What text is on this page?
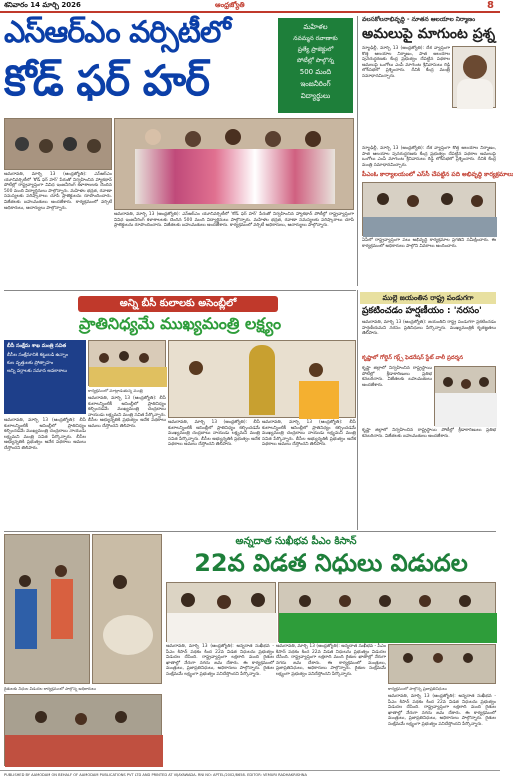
శనివారం 14 మార్చి 2026	ఆంధ్రజ్యోతి	8
ఎస్‌ఆర్‌ఎం వర్సిటీలో
కోడ్ ఫర్ హర్
మహిళల
నవమ్మన రవాణాకు
ప్రత్యే ప్రాజెక్టులో
పోటీల్లో పాల్గొన్న
500 మంది
ఇంజనీరింగ్
విద్యార్థులు

అమరావతి, మార్చి 13 (ఆంధ్రజ్యోతి): ఎస్‌ఆర్‌ఎం యూనివర్సిటీలో 'కోడ్ ఫర్ హర్' పేరుతో నిర్వహించిన హ్యాకథాన్ పోటీల్లో రాష్ట్రవ్యాప్తంగా వివిధ ఇంజనీరింగ్ కళాశాలలకు చెందిన 500 మంది విద్యార్థినులు పాల్గొన్నారు. మహిళల భద్రత, రవాణా సమస్యలకు పరిష్కారాలు చూపే ప్రాజెక్టులను రూపొందించారు. విజేతలకు బహుమతులు అందజేశారు. కార్యక్రమంలో వర్సిటీ అధికారులు, ఆచార్యులు పాల్గొన్నారు.

అమరావతి, మార్చి 13 (ఆంధ్రజ్యోతి): ఎస్‌ఆర్‌ఎం యూనివర్సిటీలో 'కోడ్ ఫర్ హర్' పేరుతో నిర్వహించిన హ్యాకథాన్ పోటీల్లో రాష్ట్రవ్యాప్తంగా వివిధ ఇంజనీరింగ్ కళాశాలలకు చెందిన 500 మంది విద్యార్థినులు పాల్గొన్నారు. మహిళల భద్రత, రవాణా సమస్యలకు పరిష్కారాలు చూపే ప్రాజెక్టులను రూపొందించారు. విజేతలకు బహుమతులు అందజేశారు. కార్యక్రమంలో వర్సిటీ అధికారులు, ఆచార్యులు పాల్గొన్నారు.

వలసకోలనాభివృద్ధి - నూతన ఆలయాల నిర్మాణం
అమలుపై మాగుంట ప్రశ్న

న్యూఢిల్లీ, మార్చి 13 (ఆంధ్రజ్యోతి): దేశ వ్యాప్తంగా కొత్త ఆలయాల నిర్మాణం, పాత ఆలయాల పునరుద్ధరణకు కేంద్ర ప్రభుత్వం చేపట్టిన పథకాల అమలుపై ఒంగోలు ఎంపీ మాగుంట శ్రీనివాసులు రెడ్డి లోక్‌సభలో ప్రశ్నించారు. దీనికి కేంద్ర మంత్రి సమాధానమిచ్చారు.

న్యూఢిల్లీ, మార్చి 13 (ఆంధ్రజ్యోతి): దేశ వ్యాప్తంగా కొత్త ఆలయాల నిర్మాణం, పాత ఆలయాల పునరుద్ధరణకు కేంద్ర ప్రభుత్వం చేపట్టిన పథకాల అమలుపై ఒంగోలు ఎంపీ మాగుంట శ్రీనివాసులు రెడ్డి లోక్‌సభలో ప్రశ్నించారు. దీనికి కేంద్ర మంత్రి సమాధానమిచ్చారు.

పీఎంఓ కార్యాలయంలో ఎస్‌సీ చేపట్టిన పది అభివృద్ధి కార్యక్రమాలు

ఏపీలో రాష్ట్రవ్యాప్తంగా పలు అభివృద్ధి కార్యక్రమాల ప్రగతిని సమీక్షించారు. ఈ కార్యక్రమంలో అధికారులు పాల్గొని వివరాలు అందించారు.

అన్ని బీసీ కులాలకు అసెంబ్లీలో
ప్రాతినిధ్యమే ముఖ్యమంత్రి లక్ష్యం
బీసీ సంక్షేమ శాఖ మంత్రి సవిత
బీసీల సంక్షేమానికి కట్టుబడి ఉన్నాం
కుల వృత్తులకు ప్రోత్సాహం
అన్ని వర్గాలకు సమాన అవకాశాలు
కార్యక్రమంలో మాట్లాడుతున్న మంత్రి

అమరావతి, మార్చి 13 (ఆంధ్రజ్యోతి): బీసీ కులాలన్నింటికీ అసెంబ్లీలో ప్రాతినిధ్యం కల్పించడమే ముఖ్యమంత్రి చంద్రబాబు నాయుడు లక్ష్యమని మంత్రి సవిత పేర్కొన్నారు. బీసీల అభ్యున్నతికి ప్రభుత్వం అనేక పథకాలు అమలు చేస్తోందని తెలిపారు.

అమరావతి, మార్చి 13 (ఆంధ్రజ్యోతి): బీసీ కులాలన్నింటికీ అసెంబ్లీలో ప్రాతినిధ్యం కల్పించడమే ముఖ్యమంత్రి చంద్రబాబు నాయుడు లక్ష్యమని మంత్రి సవిత పేర్కొన్నారు. బీసీల అభ్యున్నతికి ప్రభుత్వం అనేక పథకాలు అమలు చేస్తోందని తెలిపారు.

అమరావతి, మార్చి 13 (ఆంధ్రజ్యోతి): బీసీ కులాలన్నింటికీ అసెంబ్లీలో ప్రాతినిధ్యం కల్పించడమే ముఖ్యమంత్రి చంద్రబాబు నాయుడు లక్ష్యమని మంత్రి సవిత పేర్కొన్నారు. బీసీల అభ్యున్నతికి ప్రభుత్వం అనేక పథకాలు అమలు చేస్తోందని తెలిపారు.

అమరావతి, మార్చి 13 (ఆంధ్రజ్యోతి): బీసీ కులాలన్నింటికీ అసెంబ్లీలో ప్రాతినిధ్యం కల్పించడమే ముఖ్యమంత్రి చంద్రబాబు నాయుడు లక్ష్యమని మంత్రి సవిత పేర్కొన్నారు. బీసీల అభ్యున్నతికి ప్రభుత్వం అనేక పథకాలు అమలు చేస్తోందని తెలిపారు.

ముల్లె జయంతిన రాష్ట్ర పండుగగా
ప్రకటించడం హర్షణీయం : 'నరసం'

అమరావతి, మార్చి 13 (ఆంధ్రజ్యోతి): జయంతిని రాష్ట్ర పండుగగా ప్రకటించడం హర్షణీయమని నరసం ప్రతినిధులు పేర్కొన్నారు. ముఖ్యమంత్రికి కృతజ్ఞతలు తెలిపారు.

కృష్ణాలో గోల్డెన్ గర్ల్స్ ఫెడరేషన్ స్టేట్ వాలీ ప్రదర్శన

కృష్ణా జిల్లాలో నిర్వహించిన రాష్ట్రస్థాయి పోటీల్లో క్రీడాకారిణులు ప్రతిభ కనబరిచారు. విజేతలకు బహుమతులు అందజేశారు.

కృష్ణా జిల్లాలో నిర్వహించిన రాష్ట్రస్థాయి పోటీల్లో క్రీడాకారిణులు ప్రతిభ కనబరిచారు. విజేతలకు బహుమతులు అందజేశారు.

రైతులకు నిధుల విడుదల కార్యక్రమంలో పాల్గొన్న అధికారులు
అన్నదాత సుఖీభవ పీఎం కిసాన్
22వ విడత నిధులు విడుదల

అమరావతి, మార్చి 13 (ఆంధ్రజ్యోతి): అన్నదాత సుఖీభవ - పీఎం కిసాన్ పథకం కింద 22వ విడత నిధులను ప్రభుత్వం విడుదల చేసింది. రాష్ట్రవ్యాప్తంగా లక్షలాది మంది రైతుల ఖాతాల్లో నేరుగా నగదు జమ చేశారు. ఈ కార్యక్రమంలో మంత్రులు, ప్రజాప్రతినిధులు, అధికారులు పాల్గొన్నారు. రైతుల సంక్షేమమే లక్ష్యంగా ప్రభుత్వం పనిచేస్తోందని పేర్కొన్నారు.

అమరావతి, మార్చి 13 (ఆంధ్రజ్యోతి): అన్నదాత సుఖీభవ - పీఎం కిసాన్ పథకం కింద 22వ విడత నిధులను ప్రభుత్వం విడుదల చేసింది. రాష్ట్రవ్యాప్తంగా లక్షలాది మంది రైతుల ఖాతాల్లో నేరుగా నగదు జమ చేశారు. ఈ కార్యక్రమంలో మంత్రులు, ప్రజాప్రతినిధులు, అధికారులు పాల్గొన్నారు. రైతుల సంక్షేమమే లక్ష్యంగా ప్రభుత్వం పనిచేస్తోందని పేర్కొన్నారు.

కార్యక్రమంలో పాల్గొన్న ప్రజాప్రతినిధులు

అమరావతి, మార్చి 13 (ఆంధ్రజ్యోతి): అన్నదాత సుఖీభవ - పీఎం కిసాన్ పథకం కింద 22వ విడత నిధులను ప్రభుత్వం విడుదల చేసింది. రాష్ట్రవ్యాప్తంగా లక్షలాది మంది రైతుల ఖాతాల్లో నేరుగా నగదు జమ చేశారు. ఈ కార్యక్రమంలో మంత్రులు, ప్రజాప్రతినిధులు, అధికారులు పాల్గొన్నారు. రైతుల సంక్షేమమే లక్ష్యంగా ప్రభుత్వం పనిచేస్తోందని పేర్కొన్నారు.

PUBLISHED BY AAMODAM ON BEHALF OF AAMODAM PUBLICATIONS PVT LTD AND PRINTED AT VIJAYAWADA. RNI NO: APTEL/2002/8658. EDITOR: VEMURI RADHAKRISHNA
